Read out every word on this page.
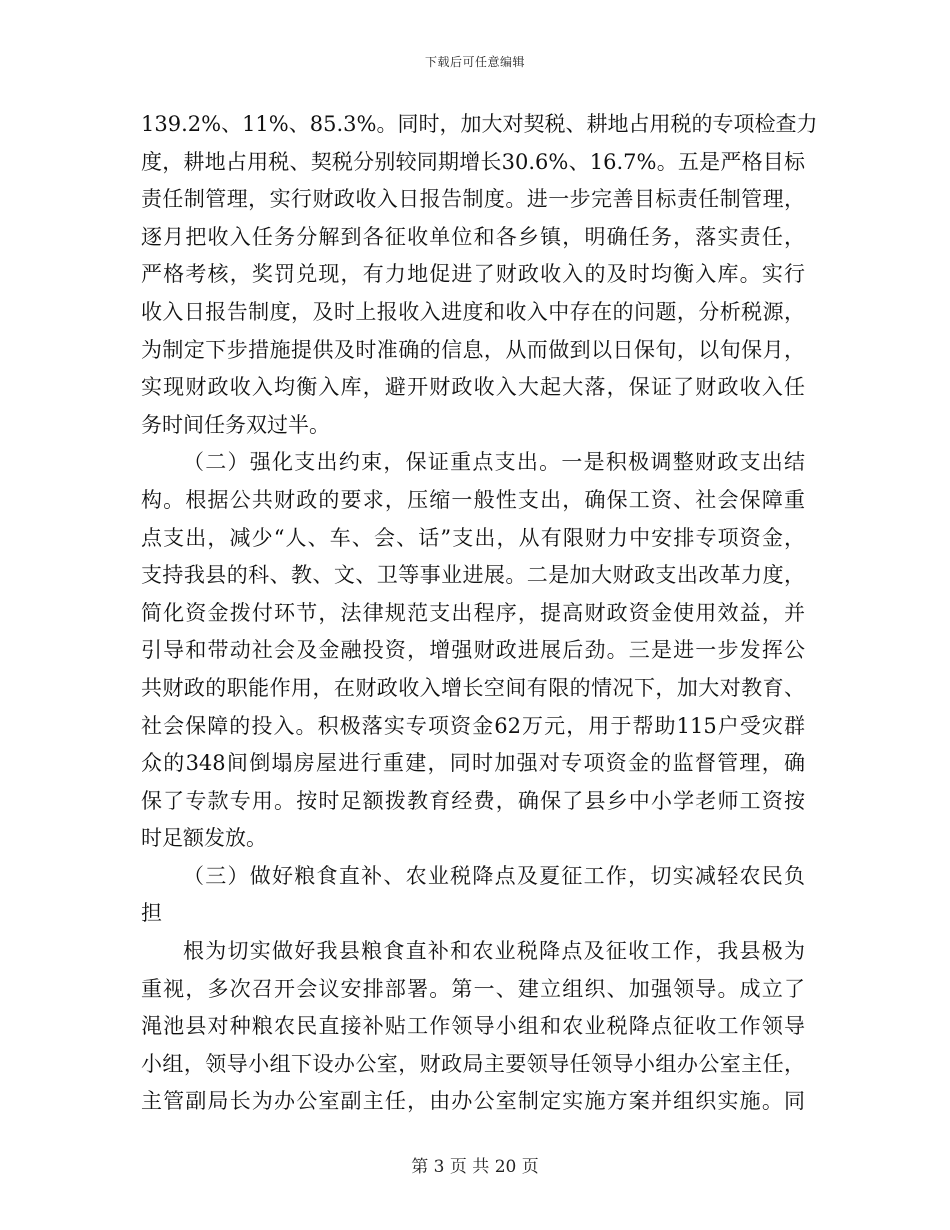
下载后可任意编辑
139.2%、11%、85.3%。同时，加大对契税、耕地占用税的专项检查力
度，耕地占用税、契税分别较同期增长30.6%、16.7%。五是严格目标
责任制管理，实行财政收入日报告制度。进一步完善目标责任制管理，
逐月把收入任务分解到各征收单位和各乡镇，明确任务，落实责任，
严格考核，奖罚兑现，有力地促进了财政收入的及时均衡入库。实行
收入日报告制度，及时上报收入进度和收入中存在的问题，分析税源，
为制定下步措施提供及时准确的信息，从而做到以日保旬，以旬保月，
实现财政收入均衡入库，避开财政收入大起大落，保证了财政收入任
务时间任务双过半。
（二）强化支出约束，保证重点支出。一是积极调整财政支出结
构。根据公共财政的要求，压缩一般性支出，确保工资、社会保障重
点支出，减少“人、车、会、话”支出，从有限财力中安排专项资金，
支持我县的科、教、文、卫等事业进展。二是加大财政支出改革力度，
简化资金拨付环节，法律规范支出程序，提高财政资金使用效益，并
引导和带动社会及金融投资，增强财政进展后劲。三是进一步发挥公
共财政的职能作用，在财政收入增长空间有限的情况下，加大对教育、
社会保障的投入。积极落实专项资金62万元，用于帮助115户受灾群
众的348间倒塌房屋进行重建，同时加强对专项资金的监督管理，确
保了专款专用。按时足额拨教育经费，确保了县乡中小学老师工资按
时足额发放。
（三）做好粮食直补、农业税降点及夏征工作，切实减轻农民负
担
根为切实做好我县粮食直补和农业税降点及征收工作，我县极为
重视，多次召开会议安排部署。第一、建立组织、加强领导。成立了
渑池县对种粮农民直接补贴工作领导小组和农业税降点征收工作领导
小组，领导小组下设办公室，财政局主要领导任领导小组办公室主任，
主管副局长为办公室副主任，由办公室制定实施方案并组织实施。同
第 3 页 共 20 页
